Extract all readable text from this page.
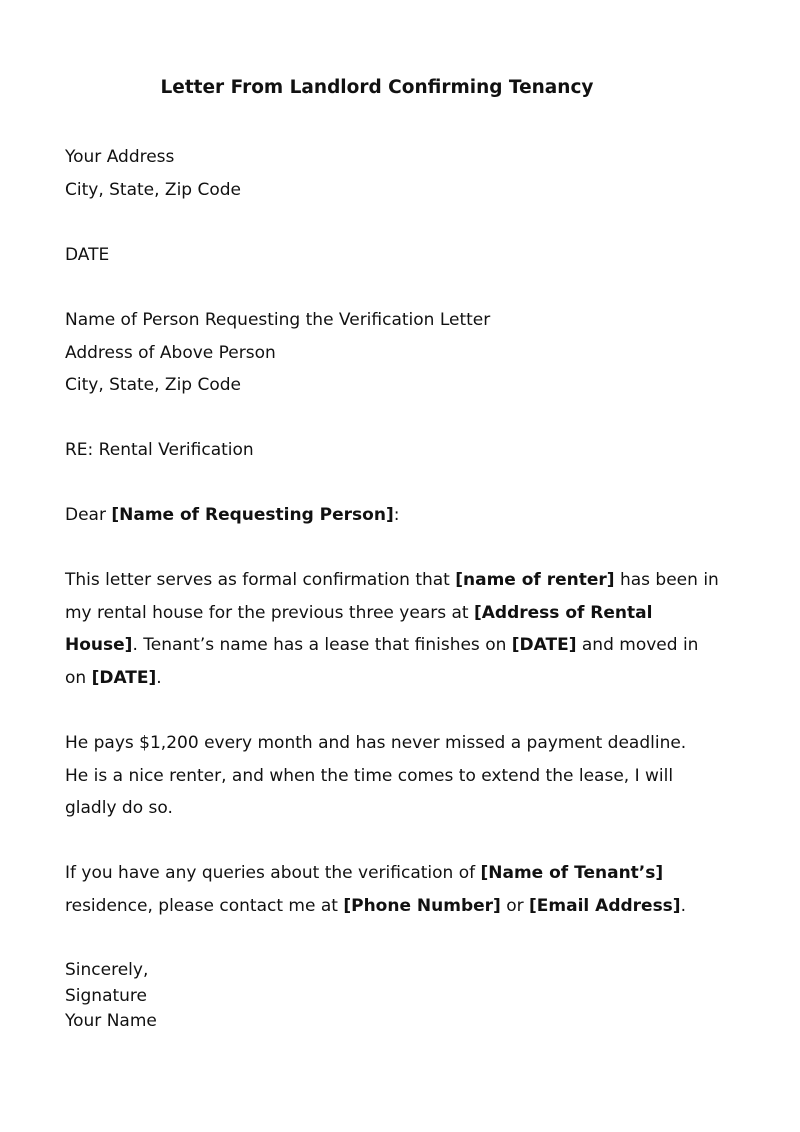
Letter From Landlord Confirming Tenancy
Your Address
City, State, Zip Code
DATE
Name of Person Requesting the Verification Letter
Address of Above Person
City, State, Zip Code
RE: Rental Verification
Dear [Name of Requesting Person]:
This letter serves as formal confirmation that [name of renter] has been in
my rental house for the previous three years at [Address of Rental
House]. Tenant’s name has a lease that finishes on [DATE] and moved in
on [DATE].
He pays $1,200 every month and has never missed a payment deadline.
He is a nice renter, and when the time comes to extend the lease, I will
gladly do so.
If you have any queries about the verification of [Name of Tenant’s]
residence, please contact me at [Phone Number] or [Email Address].
Sincerely,
Signature
Your Name
